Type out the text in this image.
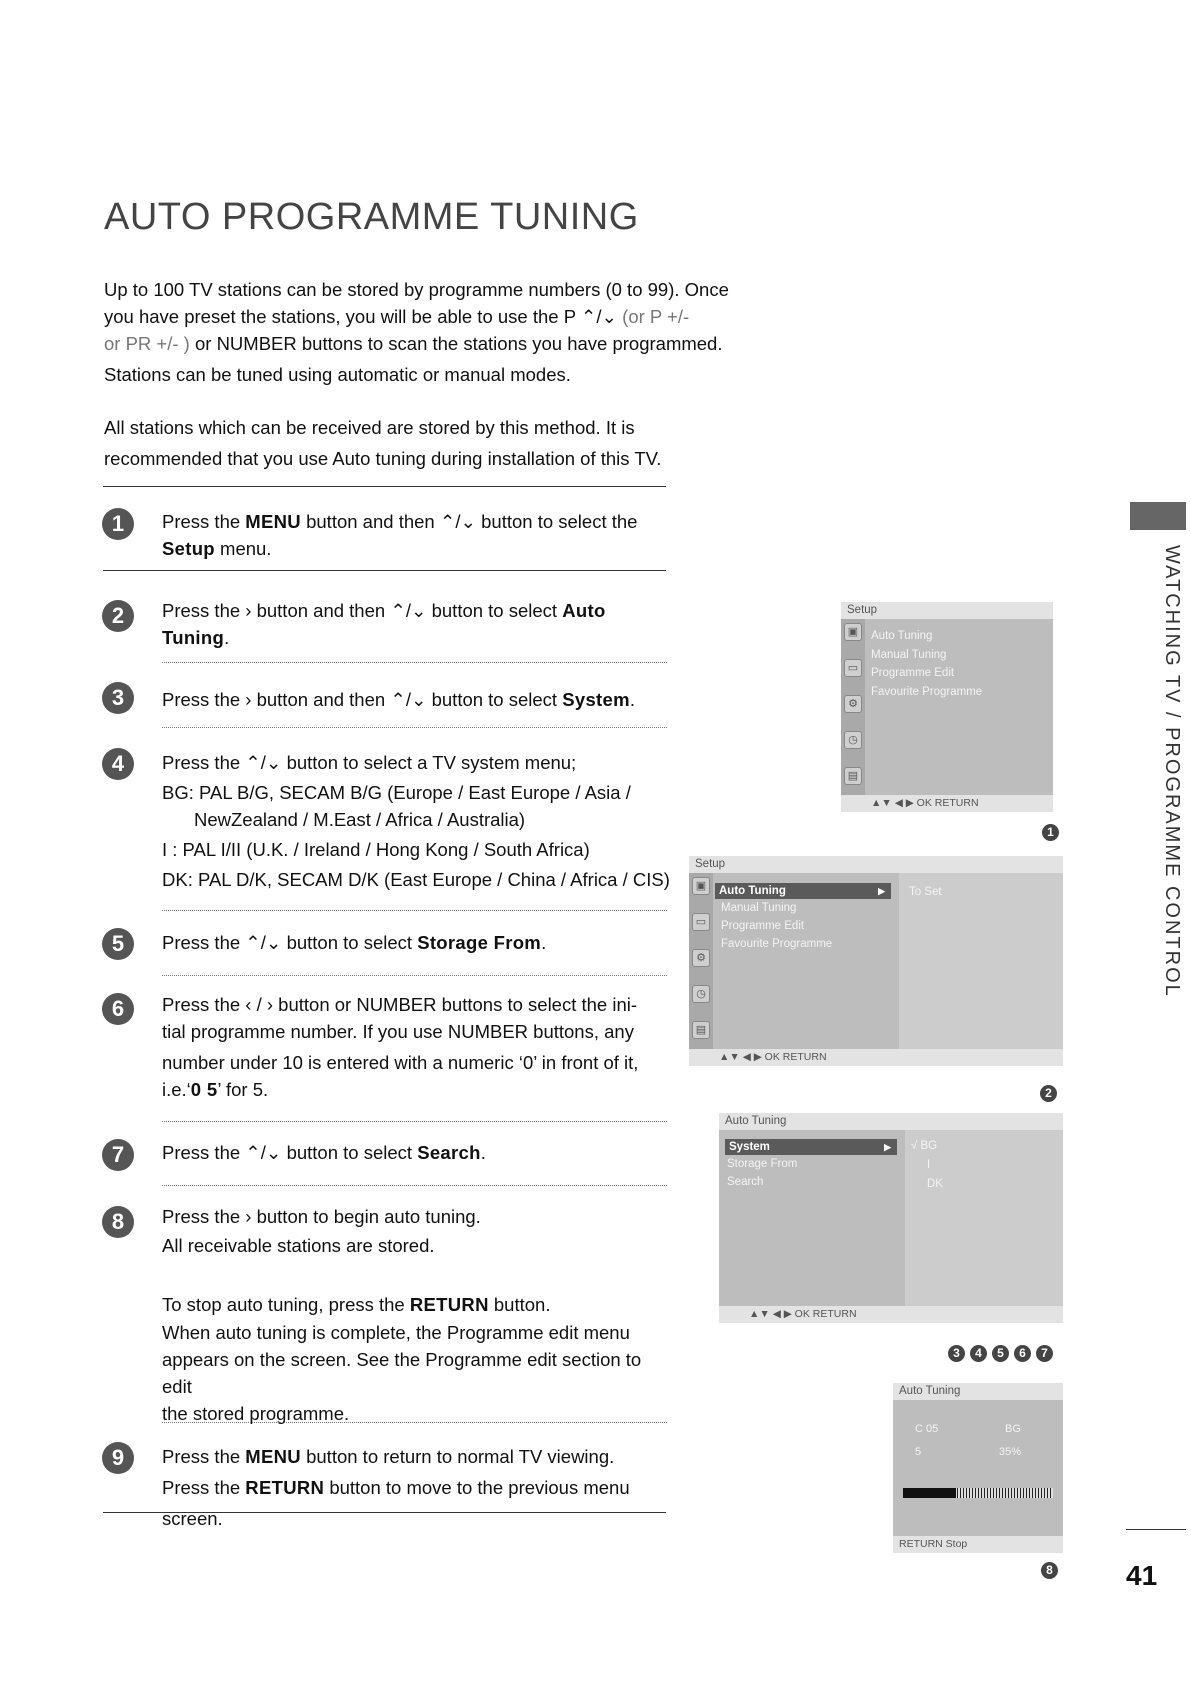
AUTO PROGRAMME TUNING
Up to 100 TV stations can be stored by programme numbers (0 to 99). Once
you have preset the stations, you will be able to use the P ⌃/⌄ (or P +/-
or PR +/- ) or NUMBER buttons to scan the stations you have programmed.
Stations can be tuned using automatic or manual modes.
All stations which can be received are stored by this method. It is
recommended that you use Auto tuning during installation of this TV.
1	Press the MENU button and then ⌃/⌄ button to select the
Setup menu.
2	Press the › button and then ⌃/⌄ button to select Auto
Tuning.
3	Press the › button and then ⌃/⌄ button to select System.
4	Press the ⌃/⌄ button to select a TV system menu;
BG: PAL B/G, SECAM B/G (Europe / East Europe / Asia /
NewZealand / M.East / Africa / Australia)
I : PAL I/II (U.K. / Ireland / Hong Kong / South Africa)
DK: PAL D/K, SECAM D/K (East Europe / China / Africa / CIS)
5	Press the ⌃/⌄ button to select Storage From.
6	Press the ‹ / › button or NUMBER buttons to select the ini-
tial programme number. If you use NUMBER buttons, any
number under 10 is entered with a numeric ‘0’ in front of it,
i.e.‘0 5’ for 5.
7	Press the ⌃/⌄ button to select Search.
8	Press the › button to begin auto tuning.
All receivable stations are stored.
To stop auto tuning, press the RETURN button.
When auto tuning is complete, the Programme edit menu
appears on the screen. See the Programme edit section to edit
the stored programme.
9	Press the MENU button to return to normal TV viewing.
Press the RETURN button to move to the previous menu screen.
WATCHING TV / PROGRAMME CONTROL
41
Setup
▣
▭
⚙
◷
▤
Auto Tuning
Manual Tuning
Programme Edit
Favourite Programme
▲▼ ◀ ▶ OK RETURN
1
Setup
▣
▭
⚙
◷
▤
Auto Tuning	▶
Manual Tuning
Programme Edit
Favourite Programme
To Set
▲▼ ◀ ▶ OK RETURN
2
Auto Tuning
System	▶
Storage From
Search
√ BG
I
DK
▲▼ ◀ ▶ OK RETURN
3	4	5	6	7
Auto Tuning
C 05	BG
5	35%
RETURN Stop
8
